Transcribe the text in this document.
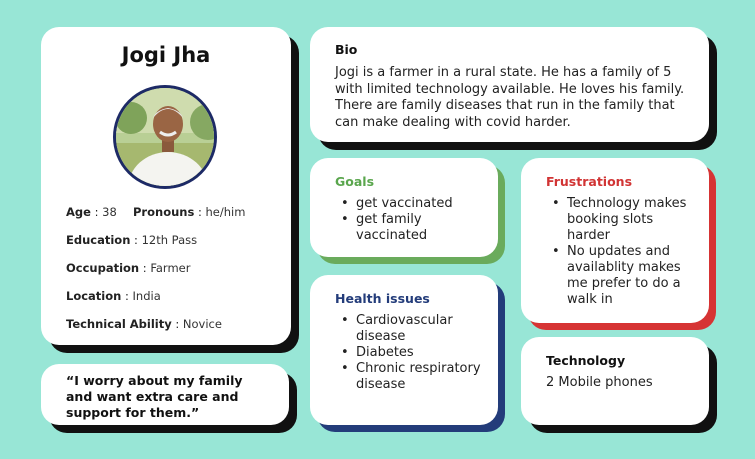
Jogi Jha
Age : 38 Pronouns : he/him
Education : 12th Pass
Occupation : Farmer
Location : India
Technical Ability : Novice
“I worry about my family and want extra care and support for them.”
Bio
Jogi is a farmer in a rural state. He has a family of 5 with limited technology available. He loves his family. There are family diseases that run in the family that can make dealing with covid harder.
Goals
• get vaccinated
• get family vaccinated
Frustrations
• Technology makes booking slots harder
• No updates and availablity makes me prefer to do a walk in
Health issues
• Cardiovascular disease
• Diabetes
• Chronic respiratory disease
Technology
2 Mobile phones
